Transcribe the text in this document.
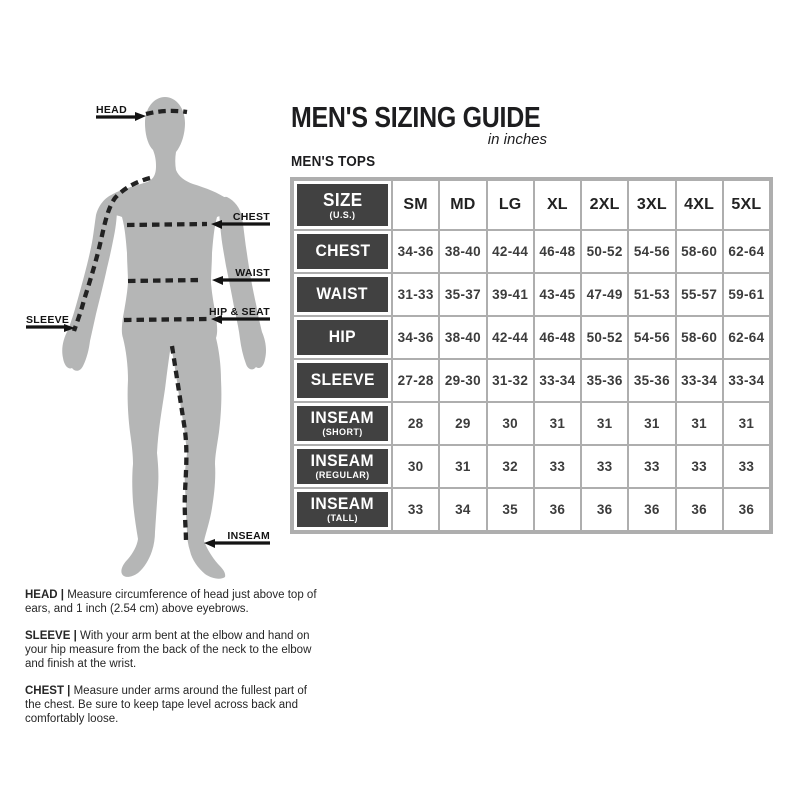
HEAD
CHEST
WAIST
HIP & SEAT
SLEEVE
INSEAM
MEN'S SIZING GUIDE
in inches
MEN'S TOPS
SIZE
(U.S.)
SM	MD	LG	XL	2XL	3XL	4XL	5XL
CHEST	34-36 38-40 42-44 46-48 50-52 54-56 58-60 62-64
WAIST	31-33 35-37 39-41 43-45 47-49 51-53 55-57 59-61
HIP	34-36 38-40 42-44 46-48 50-52 54-56 58-60 62-64
SLEEVE	27-28 29-30 31-32 33-34 35-36 35-36 33-34 33-34
INSEAM
(SHORT)
28	29	30	31	31	31	31	31
INSEAM
(REGULAR)
30	31	32	33	33	33	33	33
INSEAM
(TALL)
33	34	35	36	36	36	36	36

HEAD | Measure circumference of head just above top of ears, and 1 inch (2.54 cm) above eyebrows.

SLEEVE | With your arm bent at the elbow and hand on your hip measure from the back of the neck to the elbow and finish at the wrist.

CHEST | Measure under arms around the fullest part of the chest. Be sure to keep tape level across back and comfortably loose.
